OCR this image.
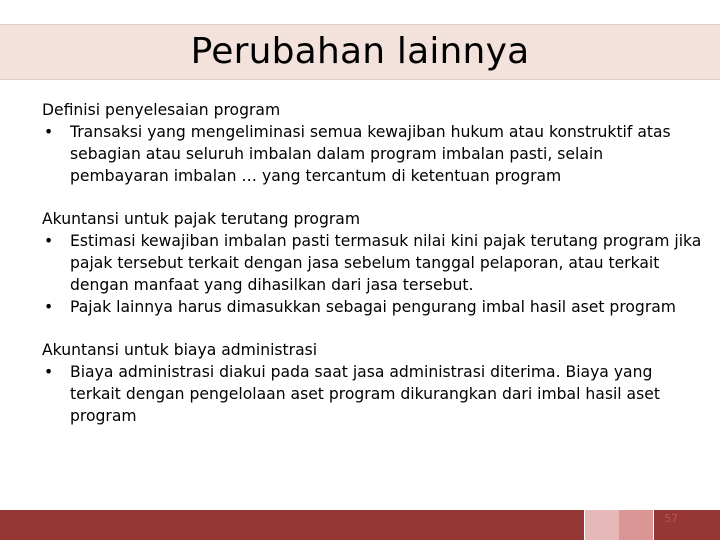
Perubahan lainnya

Definisi penyelesaian program

• Transaksi yang mengeliminasi semua kewajiban hukum atau konstruktif atas sebagian atau seluruh imbalan dalam program imbalan pasti, selain pembayaran imbalan … yang tercantum di ketentuan program

Akuntansi untuk pajak terutang program

• Estimasi kewajiban imbalan pasti termasuk nilai kini pajak terutang program jika pajak tersebut terkait dengan jasa sebelum tanggal pelaporan, atau terkait dengan manfaat yang dihasilkan dari jasa tersebut.
• Pajak lainnya harus dimasukkan sebagai pengurang imbal hasil aset program

Akuntansi untuk biaya administrasi

• Biaya administrasi diakui pada saat jasa administrasi diterima. Biaya yang terkait dengan pengelolaan aset program dikurangkan dari imbal hasil aset program
57
